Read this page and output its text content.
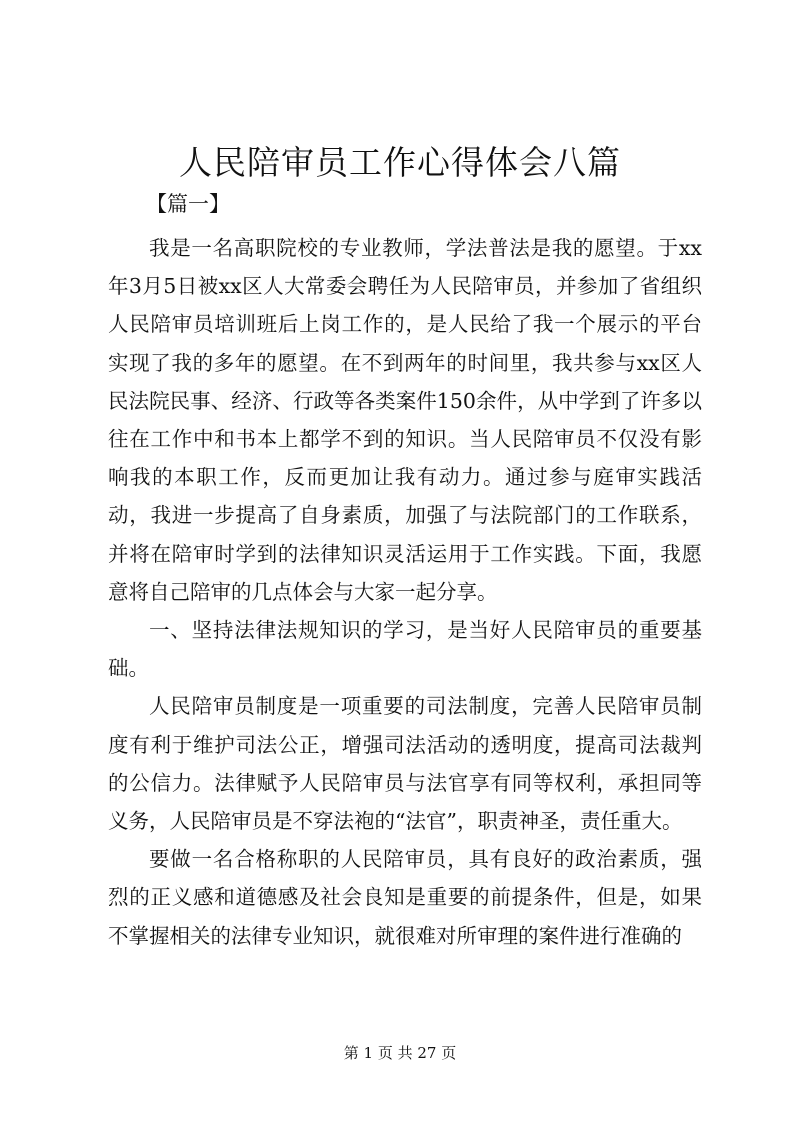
人民陪审员工作心得体会八篇

【篇一】

我是一名高职院校的专业教师，学法普法是我的愿望。于xx年3月5日被xx区人大常委会聘任为人民陪审员，并参加了省组织人民陪审员培训班后上岗工作的，是人民给了我一个展示的平台实现了我的多年的愿望。在不到两年的时间里，我共参与xx区人民法院民事、经济、行政等各类案件150余件，从中学到了许多以往在工作中和书本上都学不到的知识。当人民陪审员不仅没有影响我的本职工作，反而更加让我有动力。通过参与庭审实践活动，我进一步提高了自身素质，加强了与法院部门的工作联系，并将在陪审时学到的法律知识灵活运用于工作实践。下面，我愿意将自己陪审的几点体会与大家一起分享。

一、坚持法律法规知识的学习，是当好人民陪审员的重要基础。

人民陪审员制度是一项重要的司法制度，完善人民陪审员制度有利于维护司法公正，增强司法活动的透明度，提高司法裁判的公信力。法律赋予人民陪审员与法官享有同等权利，承担同等义务，人民陪审员是不穿法袍的“法官”，职责神圣，责任重大。

要做一名合格称职的人民陪审员，具有良好的政治素质，强烈的正义感和道德感及社会良知是重要的前提条件，但是，如果不掌握相关的法律专业知识，就很难对所审理的案件进行准确的

第 1 页 共 27 页
